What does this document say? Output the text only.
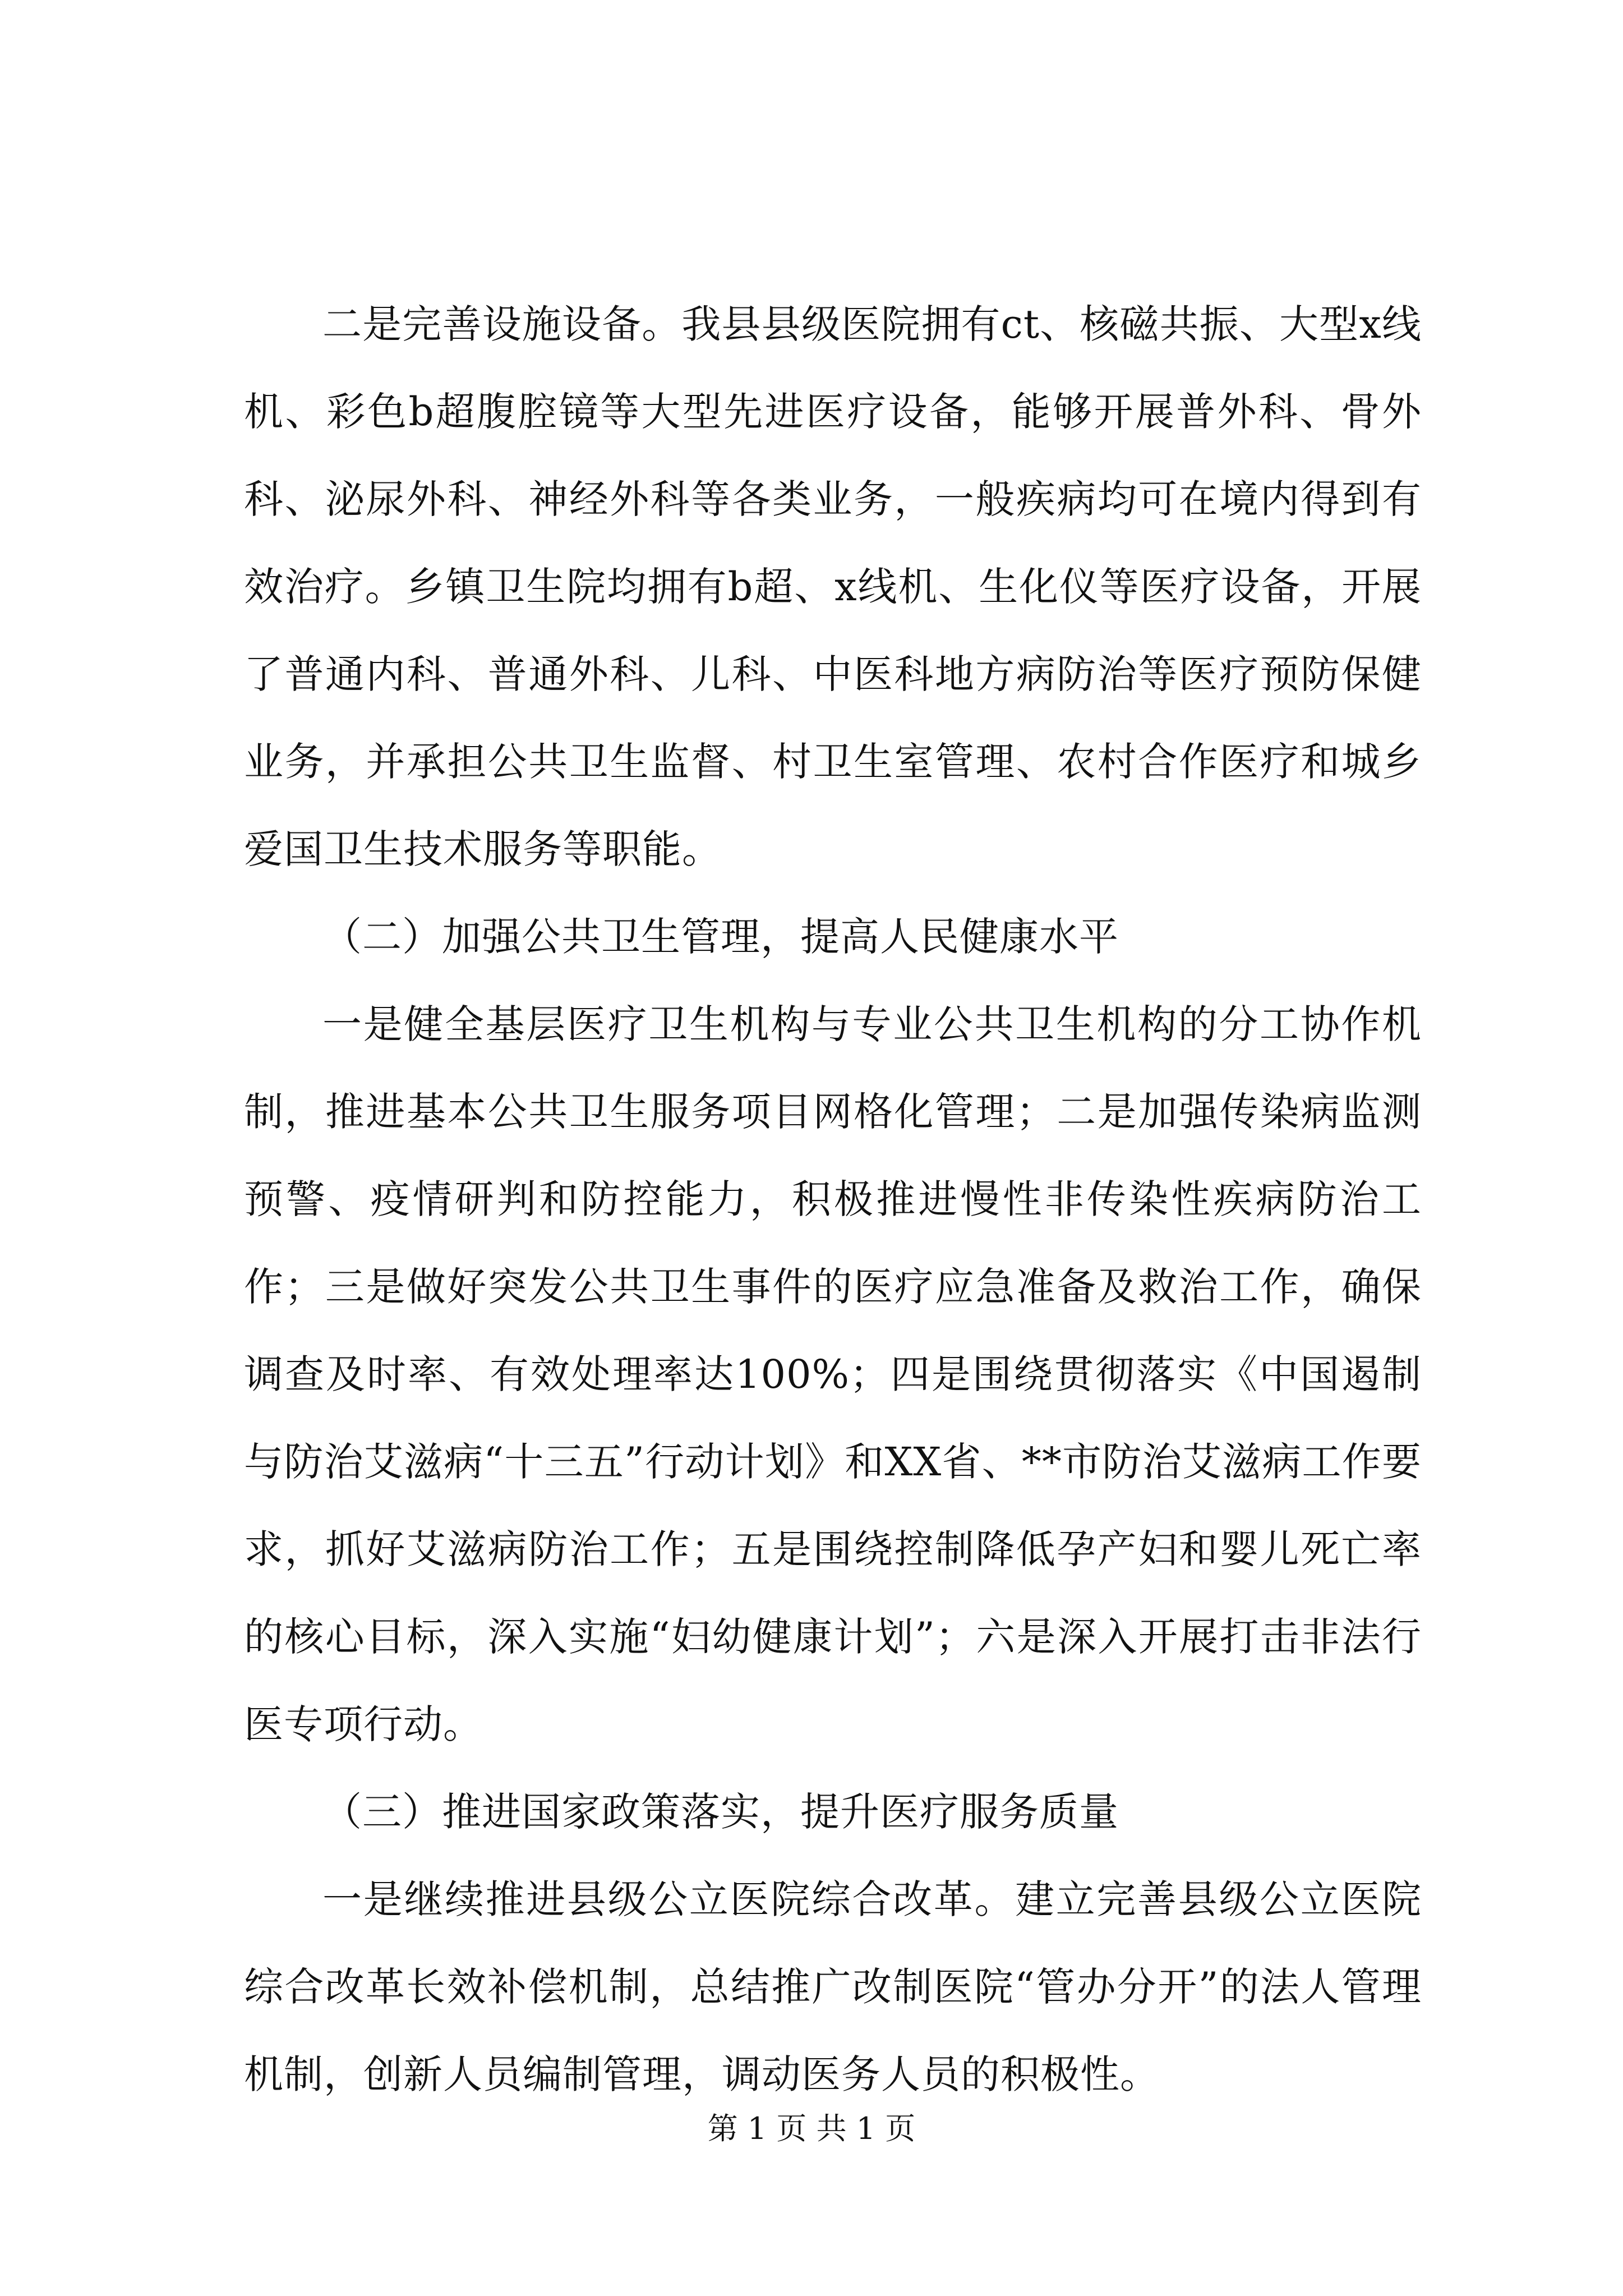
二是完善设施设备。我县县级医院拥有ct、核磁共振、大型x线机、彩色b超腹腔镜等大型先进医疗设备，能够开展普外科、骨外科、泌尿外科、神经外科等各类业务，一般疾病均可在境内得到有效治疗。乡镇卫生院均拥有b超、x线机、生化仪等医疗设备，开展了普通内科、普通外科、儿科、中医科地方病防治等医疗预防保健业务，并承担公共卫生监督、村卫生室管理、农村合作医疗和城乡爱国卫生技术服务等职能。

（二）加强公共卫生管理，提高人民健康水平

一是健全基层医疗卫生机构与专业公共卫生机构的分工协作机制，推进基本公共卫生服务项目网格化管理；二是加强传染病监测预警、疫情研判和防控能力，积极推进慢性非传染性疾病防治工作；三是做好突发公共卫生事件的医疗应急准备及救治工作，确保调查及时率、有效处理率达100%；四是围绕贯彻落实《中国遏制与防治艾滋病“十三五”行动计划》和XX省、**市防治艾滋病工作要求，抓好艾滋病防治工作；五是围绕控制降低孕产妇和婴儿死亡率的核心目标，深入实施“妇幼健康计划”；六是深入开展打击非法行医专项行动。

（三）推进国家政策落实，提升医疗服务质量

一是继续推进县级公立医院综合改革。建立完善县级公立医院综合改革长效补偿机制，总结推广改制医院“管办分开”的法人管理机制，创新人员编制管理，调动医务人员的积极性。

第 1 页 共 1 页
